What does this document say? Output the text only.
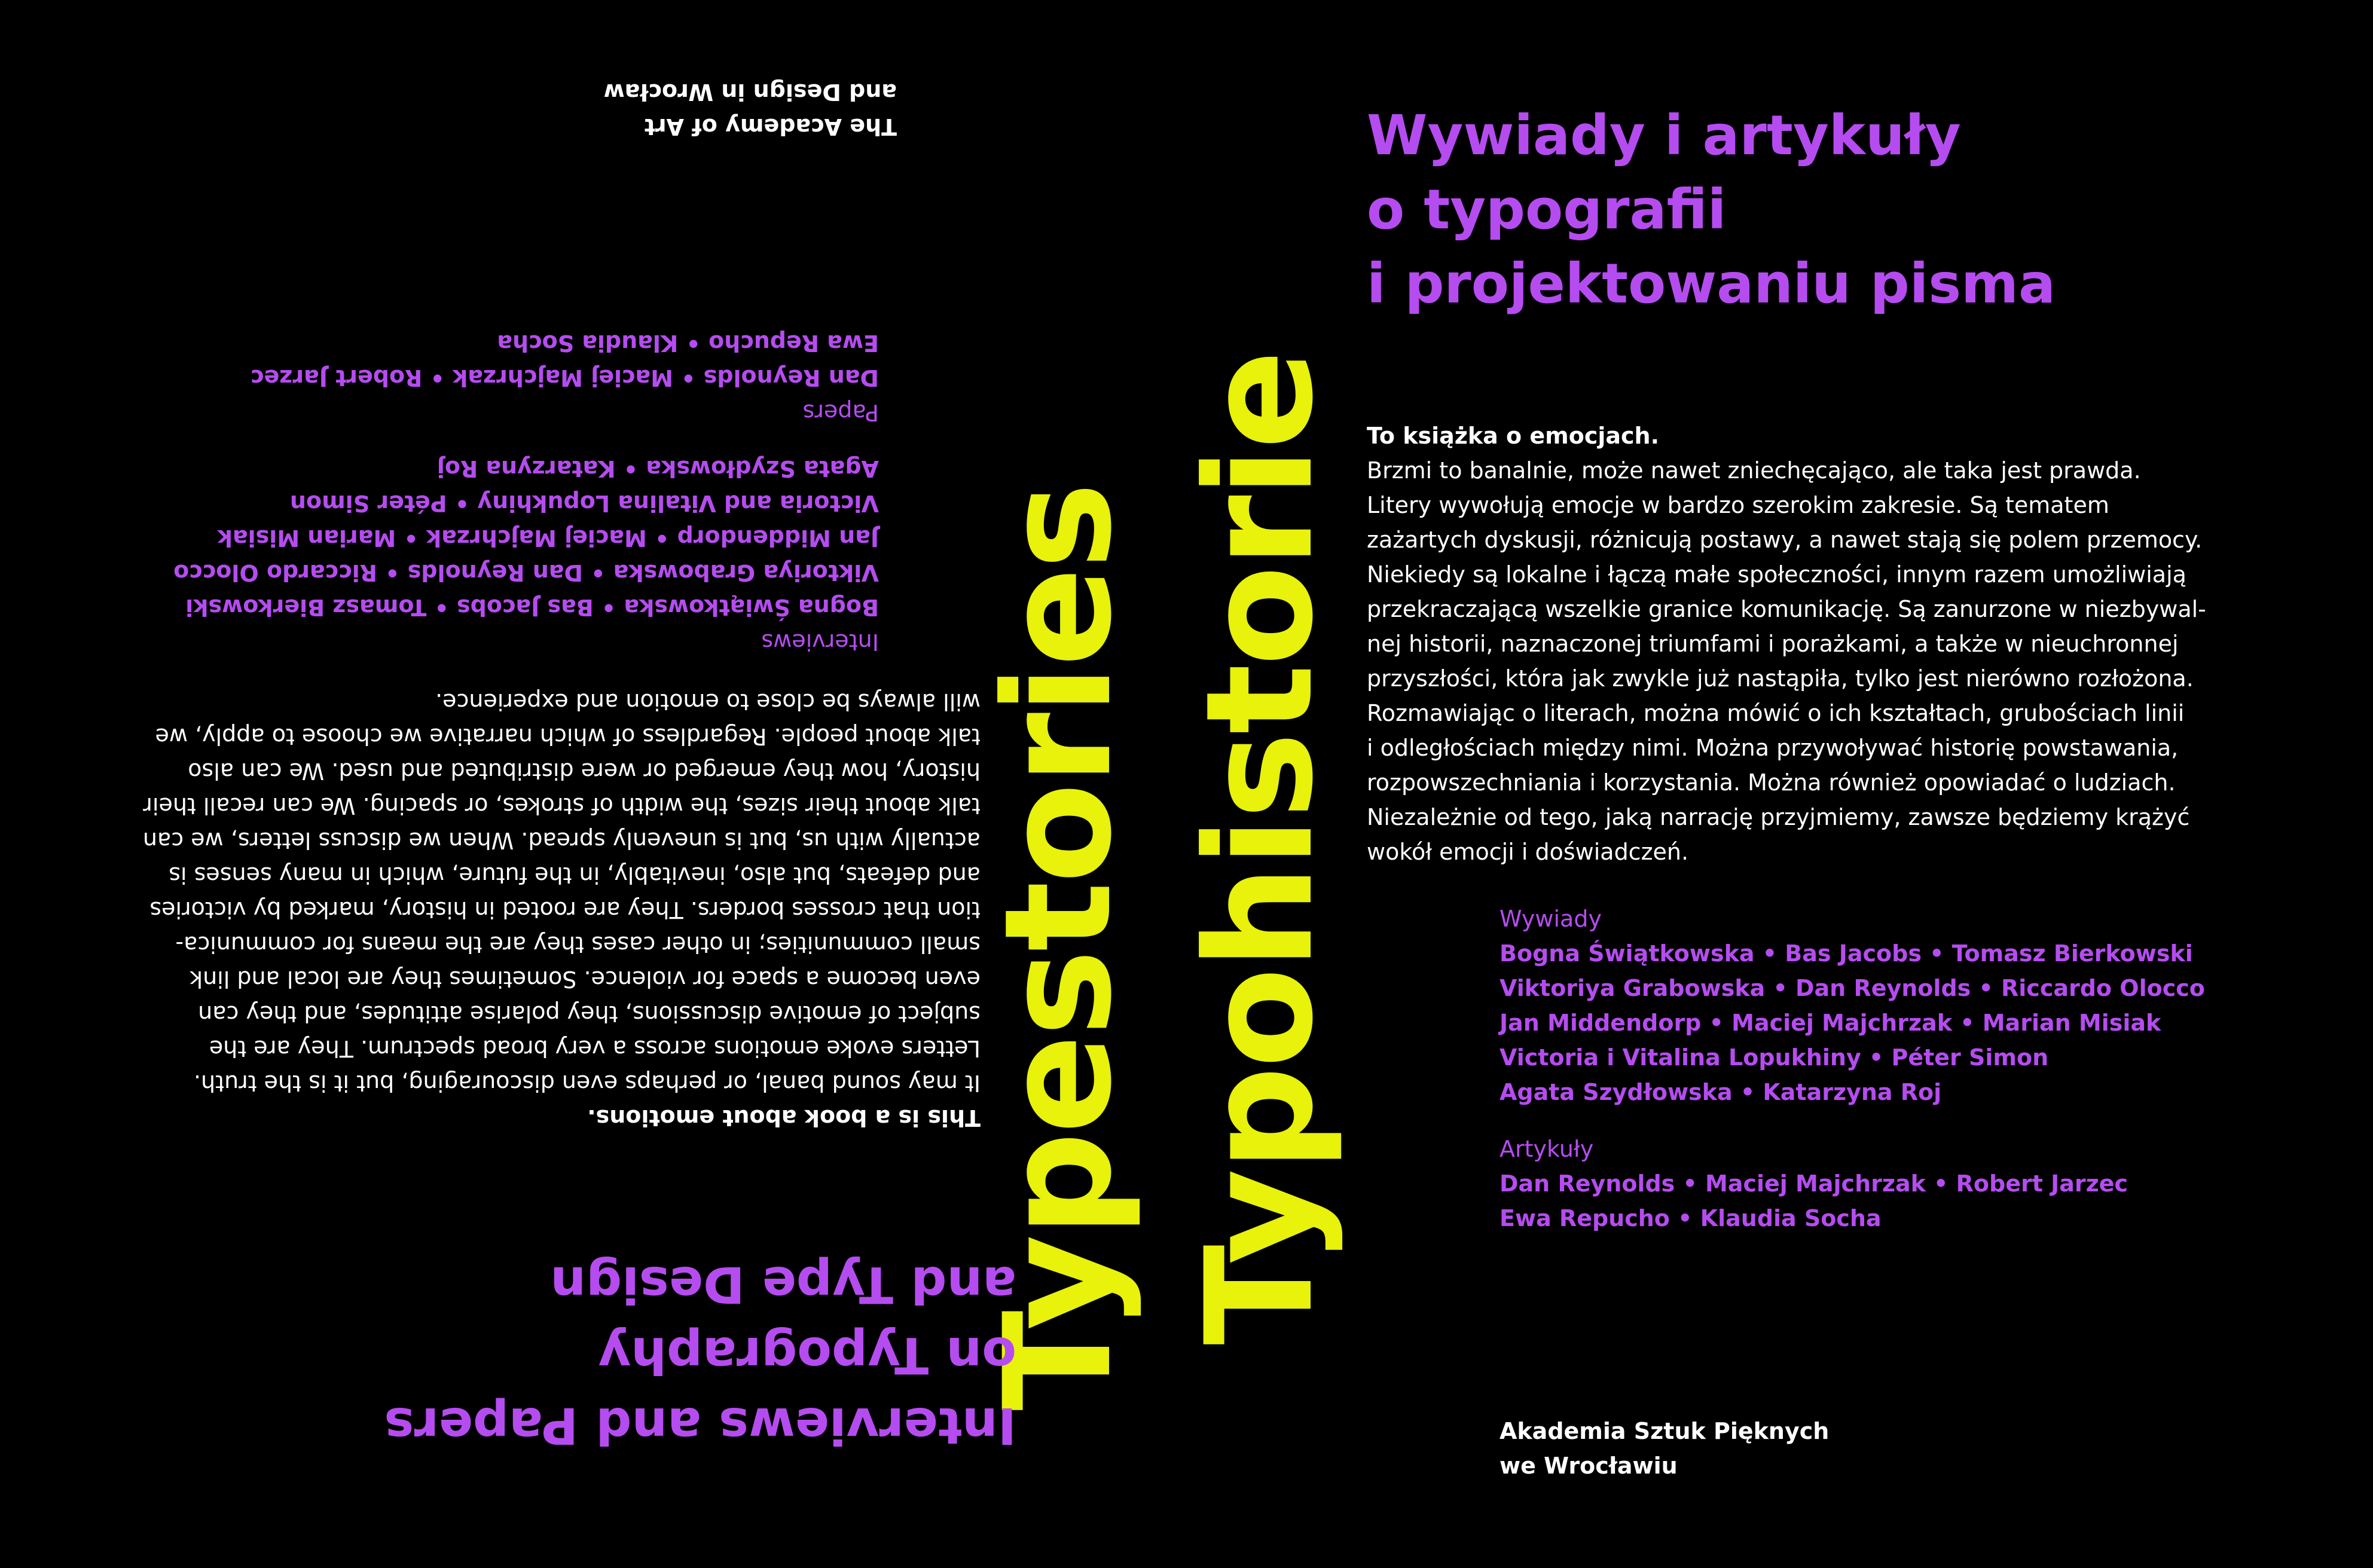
Typohistorie
Typestories
Wywiady i artykuły
o typografii
i projektowaniu pisma
To książka o emocjach.
Brzmi to banalnie, może nawet zniechęcająco, ale taka jest prawda.
Litery wywołują emocje w bardzo szerokim zakresie. Są tematem
zażartych dyskusji, różnicują postawy, a nawet stają się polem przemocy.
Niekiedy są lokalne i łączą małe społeczności, innym razem umożliwiają
przekraczającą wszelkie granice komunikację. Są zanurzone w niezbywal-
nej historii, naznaczonej triumfami i porażkami, a także w nieuchronnej
przyszłości, która jak zwykle już nastąpiła, tylko jest nierówno rozłożona.
Rozmawiając o literach, można mówić o ich kształtach, grubościach linii
i odległościach między nimi. Można przywoływać historię powstawania,
rozpowszechniania i korzystania. Można również opowiadać o ludziach.
Niezależnie od tego, jaką narrację przyjmiemy, zawsze będziemy krążyć
wokół emocji i doświadczeń.
Wywiady
Bogna Świątkowska • Bas Jacobs • Tomasz Bierkowski
Viktoriya Grabowska • Dan Reynolds • Riccardo Olocco
Jan Middendorp • Maciej Majchrzak • Marian Misiak
Victoria i Vitalina Lopukhiny • Péter Simon
Agata Szydłowska • Katarzyna Roj
Artykuły
Dan Reynolds • Maciej Majchrzak • Robert Jarzec
Ewa Repucho • Klaudia Socha
Akademia Sztuk Pięknych
we Wrocławiu
Interviews and Papers
on Typography
and Type Design
This is a book about emotions.
It may sound banal, or perhaps even discouraging, but it is the truth.
Letters evoke emotions across a very broad spectrum. They are the
subject of emotive discussions, they polarise attitudes, and they can
even become a space for violence. Sometimes they are local and link
small communities; in other cases they are the means for communica-
tion that crosses borders. They are rooted in history, marked by victories
and defeats, but also, inevitably, in the future, which in many senses is
actually with us, but is unevenly spread. When we discuss letters, we can
talk about their sizes, the width of strokes, or spacing. We can recall their
history, how they emerged or were distributed and used. We can also
talk about people. Regardless of which narrative we choose to apply, we
will always be close to emotion and experience.
Interviews
Bogna Świątkowska • Bas Jacobs • Tomasz Bierkowski
Viktoriya Grabowska • Dan Reynolds • Riccardo Olocco
Jan Middendorp • Maciej Majchrzak • Marian Misiak
Victoria and Vitalina Lopukhiny • Péter Simon
Agata Szydłowska • Katarzyna Roj
Papers
Dan Reynolds • Maciej Majchrzak • Robert Jarzec
Ewa Repucho • Klaudia Socha
The Academy of Art
and Design in Wrocław
